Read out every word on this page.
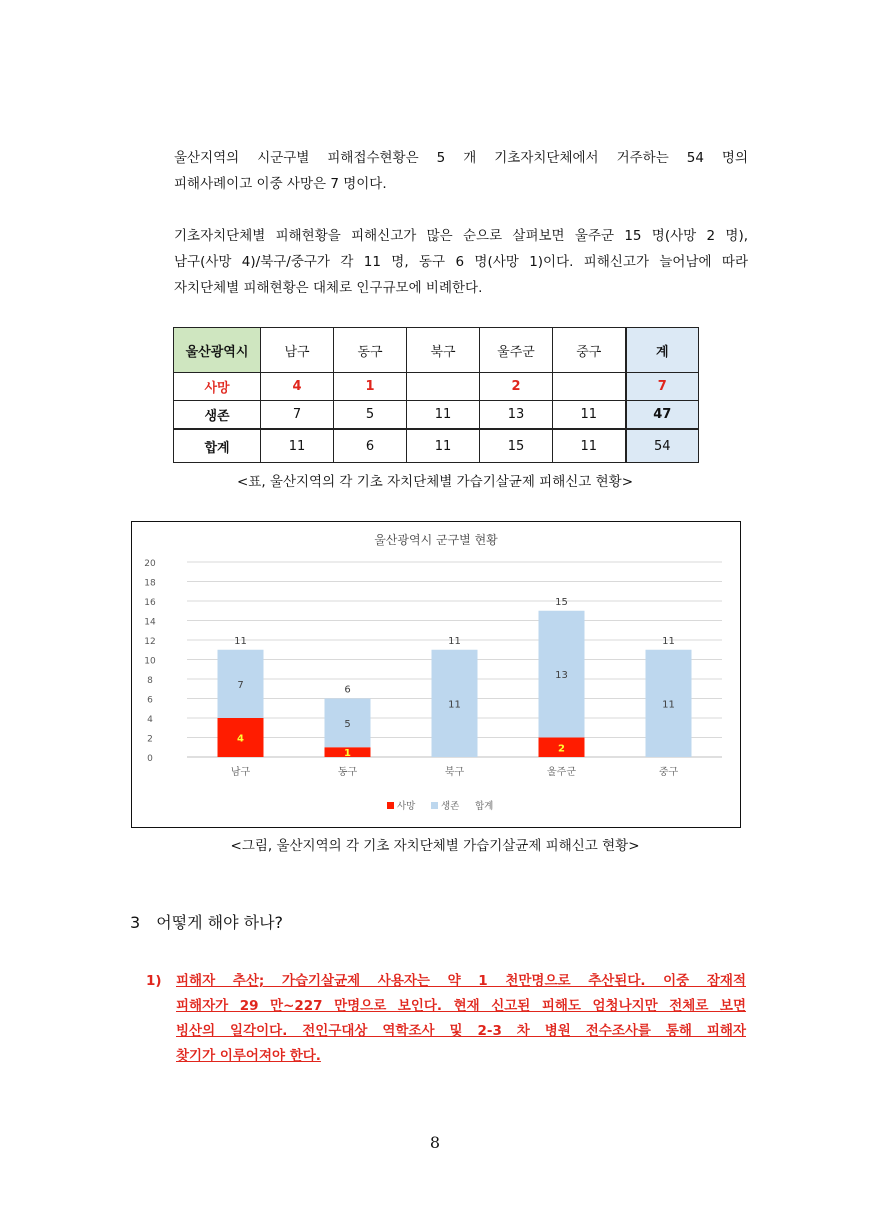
울산지역의 시군구별 피해접수현황은 5 개 기초자치단체에서 거주하는 54 명의
피해사례이고 이중 사망은 7 명이다.

기초자치단체별 피해현황을 피해신고가 많은 순으로 살펴보면 울주군 15 명(사망 2 명),
남구(사망 4)/북구/중구가 각 11 명, 동구 6 명(사망 1)이다. 피해신고가 늘어남에 따라
자치단체별 피해현황은 대체로 인구규모에 비례한다.

울산광역시	남구	동구	북구	울주군	중구	계
사망	4	1		2		7
생존	7	5	11	13	11	47
합계	11	6	11	15	11	54
<표, 울산지역의 각 기초 자치단체별 가습기살균제 피해신고 현황>
울산광역시 군구별 현황
0
2
4
6
8
10
12
14
16
18
20
4
7
11
남구
1
5
6
동구
11
11
북구
2
13
15
울주군
11
11
중구
사망	생존 합계
<그림, 울산지역의 각 기초 자치단체별 가습기살균제 피해신고 현황>
3 어떻게 해야 하나?
1) 피해자 추산; 가습기살균제 사용자는 약 1 천만명으로 추산된다. 이중 잠재적
피해자가 29 만~227 만명으로 보인다. 현재 신고된 피해도 엄청나지만 전체로 보면
빙산의 일각이다. 전인구대상 역학조사 및 2-3 차 병원 전수조사를 통해 피해자
찾기가 이루어져야 한다.
8
